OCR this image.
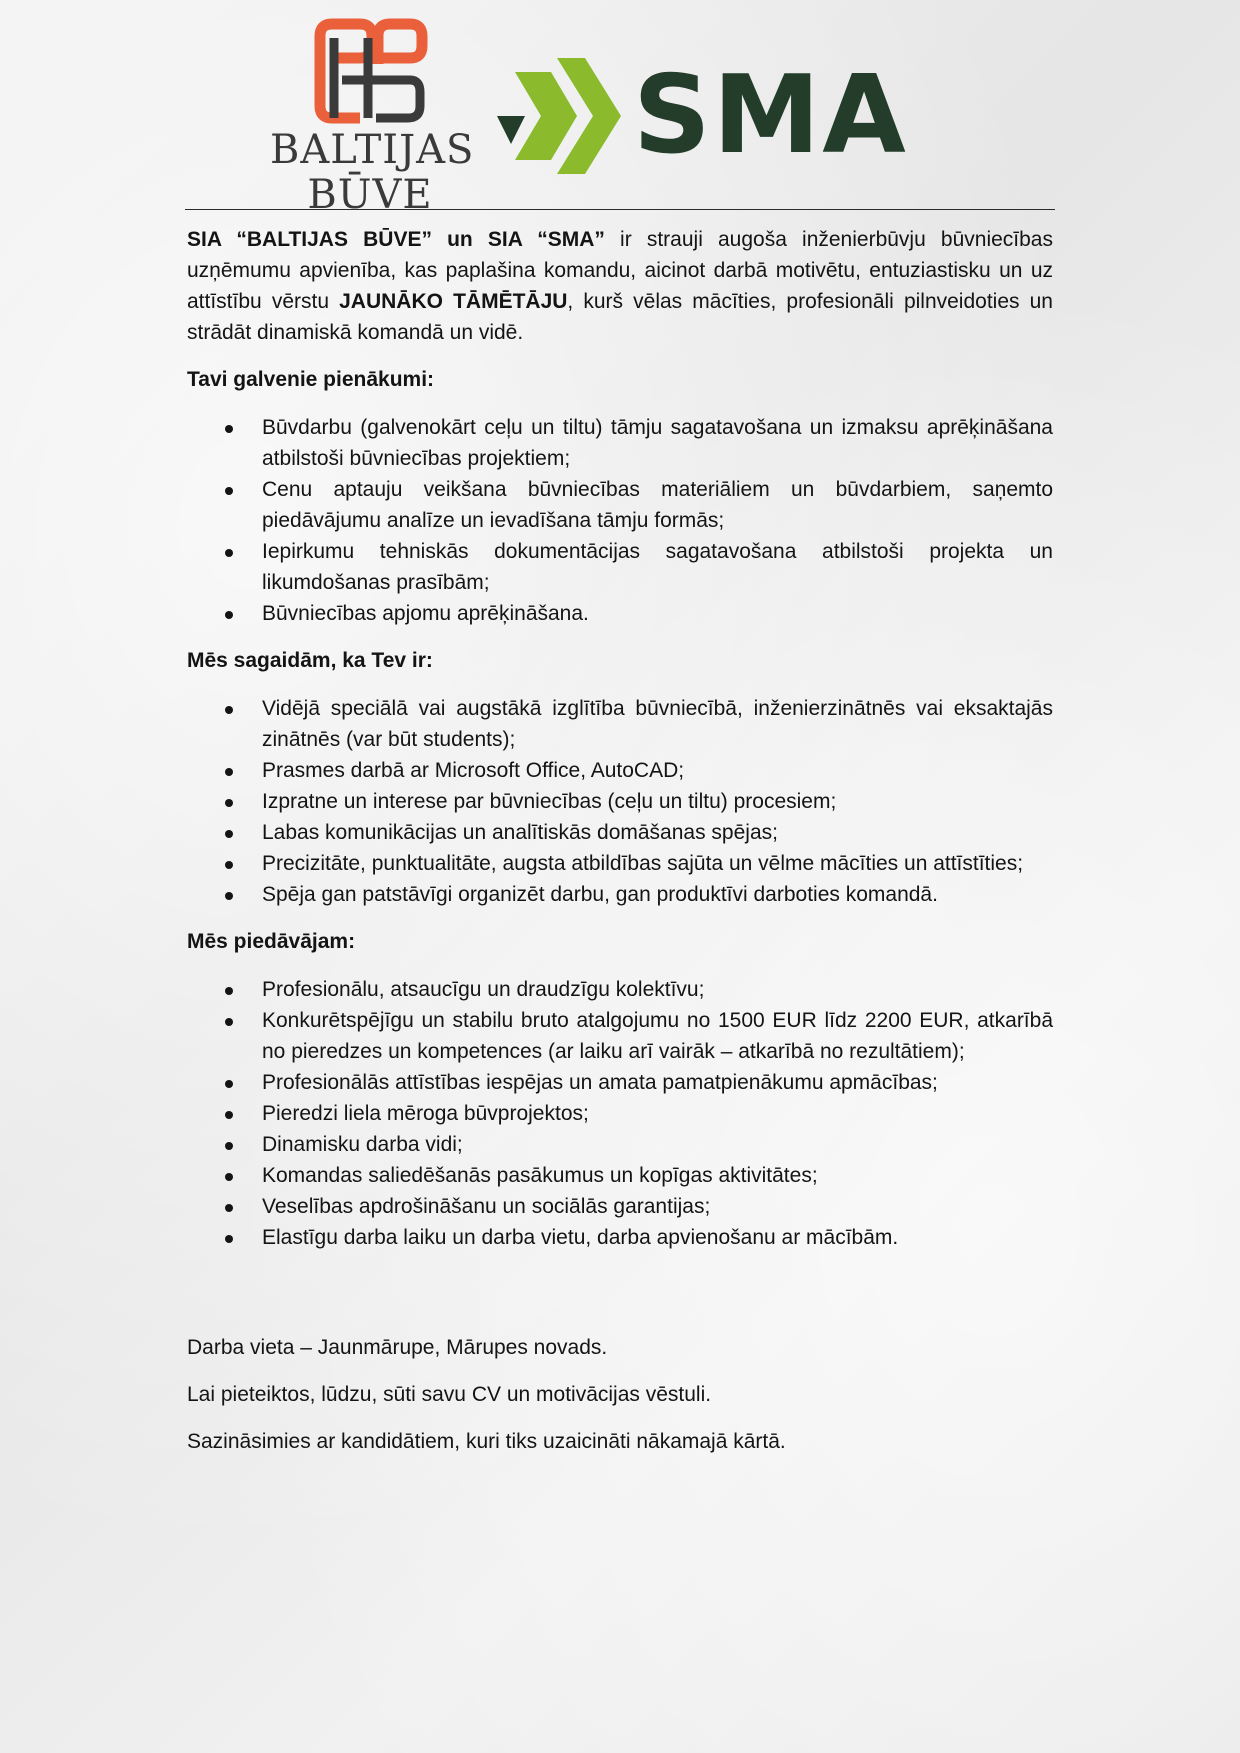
BALTIJAS
BŪVE
SMA

SIA “BALTIJAS BŪVE” un SIA “SMA” ir strauji augoša inženierbūvju būvniecības uzņēmumu apvienība, kas paplašina komandu, aicinot darbā motivētu, entuziastisku un uz attīstību vērstu JAUNĀKO TĀMĒTĀJU, kurš vēlas mācīties, profesionāli pilnveidoties un strādāt dinamiskā komandā un vidē.

Tavi galvenie pienākumi:

Būvdarbu (galvenokārt ceļu un tiltu) tāmju sagatavošana un izmaksu aprēķināšana atbilstoši būvniecības projektiem;
Cenu aptauju veikšana būvniecības materiāliem un būvdarbiem, saņemto piedāvājumu analīze un ievadīšana tāmju formās;
Iepirkumu tehniskās dokumentācijas sagatavošana atbilstoši projekta un likumdošanas prasībām;
Būvniecības apjomu aprēķināšana.

Mēs sagaidām, ka Tev ir:

Vidējā speciālā vai augstākā izglītība būvniecībā, inženierzinātnēs vai eksaktajās zinātnēs (var būt students);
Prasmes darbā ar Microsoft Office, AutoCAD;
Izpratne un interese par būvniecības (ceļu un tiltu) procesiem;
Labas komunikācijas un analītiskās domāšanas spējas;
Precizitāte, punktualitāte, augsta atbildības sajūta un vēlme mācīties un attīstīties;
Spēja gan patstāvīgi organizēt darbu, gan produktīvi darboties komandā.

Mēs piedāvājam:

Profesionālu, atsaucīgu un draudzīgu kolektīvu;
Konkurētspējīgu un stabilu bruto atalgojumu no 1500 EUR līdz 2200 EUR, atkarībā no pieredzes un kompetences (ar laiku arī vairāk – atkarībā no rezultātiem);
Profesionālās attīstības iespējas un amata pamatpienākumu apmācības;
Pieredzi liela mēroga būvprojektos;
Dinamisku darba vidi;
Komandas saliedēšanās pasākumus un kopīgas aktivitātes;
Veselības apdrošināšanu un sociālās garantijas;
Elastīgu darba laiku un darba vietu, darba apvienošanu ar mācībām.

Darba vieta – Jaunmārupe, Mārupes novads.

Lai pieteiktos, lūdzu, sūti savu CV un motivācijas vēstuli.

Sazināsimies ar kandidātiem, kuri tiks uzaicināti nākamajā kārtā.
